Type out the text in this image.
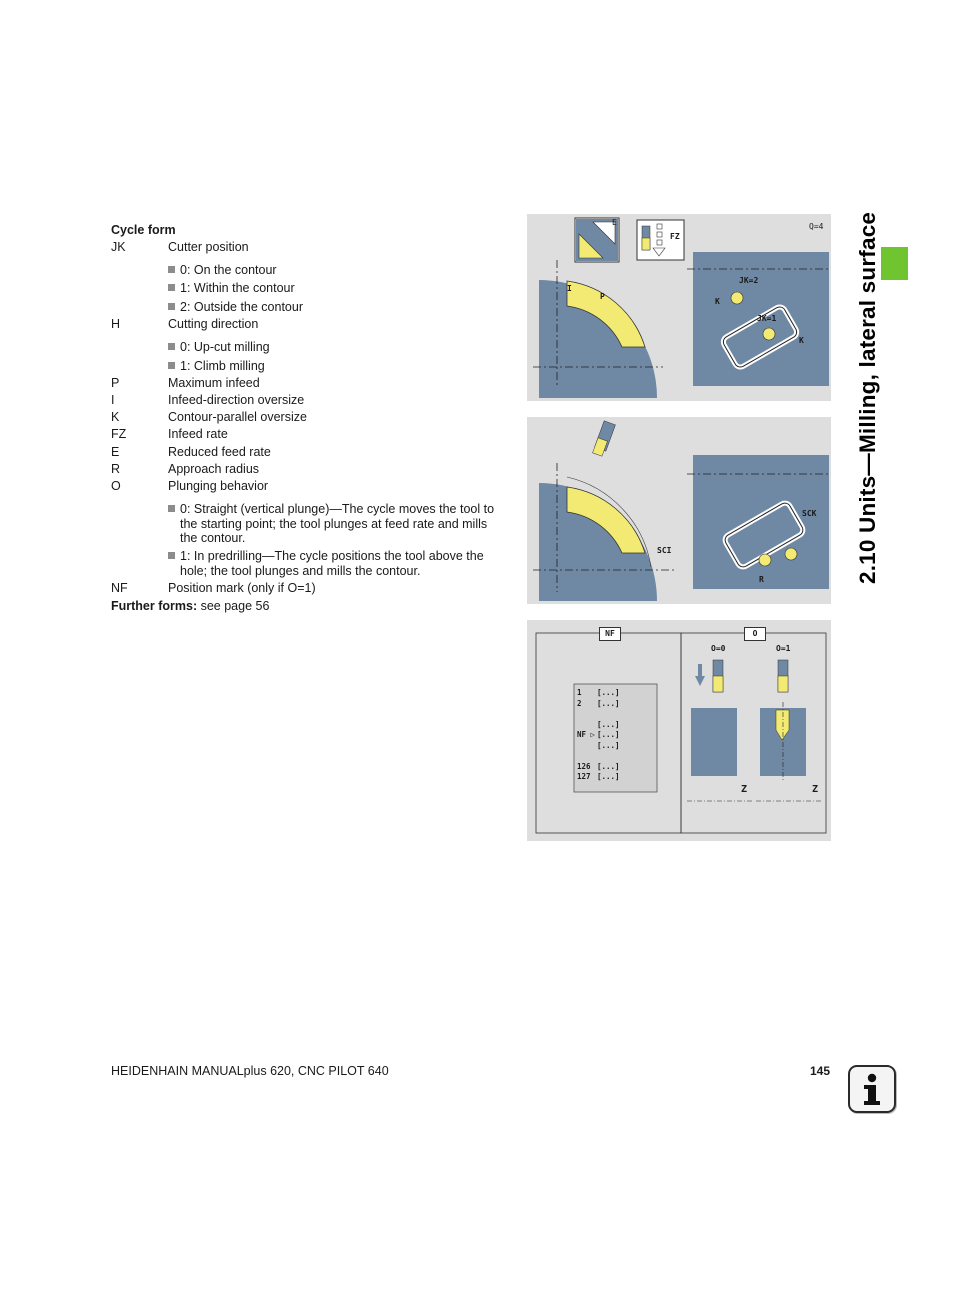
2.10 Units—Milling, lateral surface
Cycle form
JK	Cutter position
0: On the contour
1: Within the contour
2: Outside the contour
H	Cutting direction
0: Up-cut milling
1: Climb milling
P	Maximum infeed
I	Infeed-direction oversize
K	Contour-parallel oversize
FZ	Infeed rate
E	Reduced feed rate
R	Approach radius
O	Plunging behavior
0: Straight (vertical plunge)—The cycle moves the tool to the starting point; the tool plunges at feed rate and mills the contour.
1: In predrilling—The cycle positions the tool above the hole; the tool plunges and mills the contour.
NF	Position mark (only if O=1)
Further forms: see page 56
E
FZ
Q=4
I
P
JK=2
K
JK=1
K
SCK
SCI
R
NF	O
O=0	O=1
Z	Z
1 [...]
2 [...]
[...]
NF ▷ [...]
[...]
126 [...]
127 [...]
HEIDENHAIN MANUALplus 620, CNC PILOT 640	145
